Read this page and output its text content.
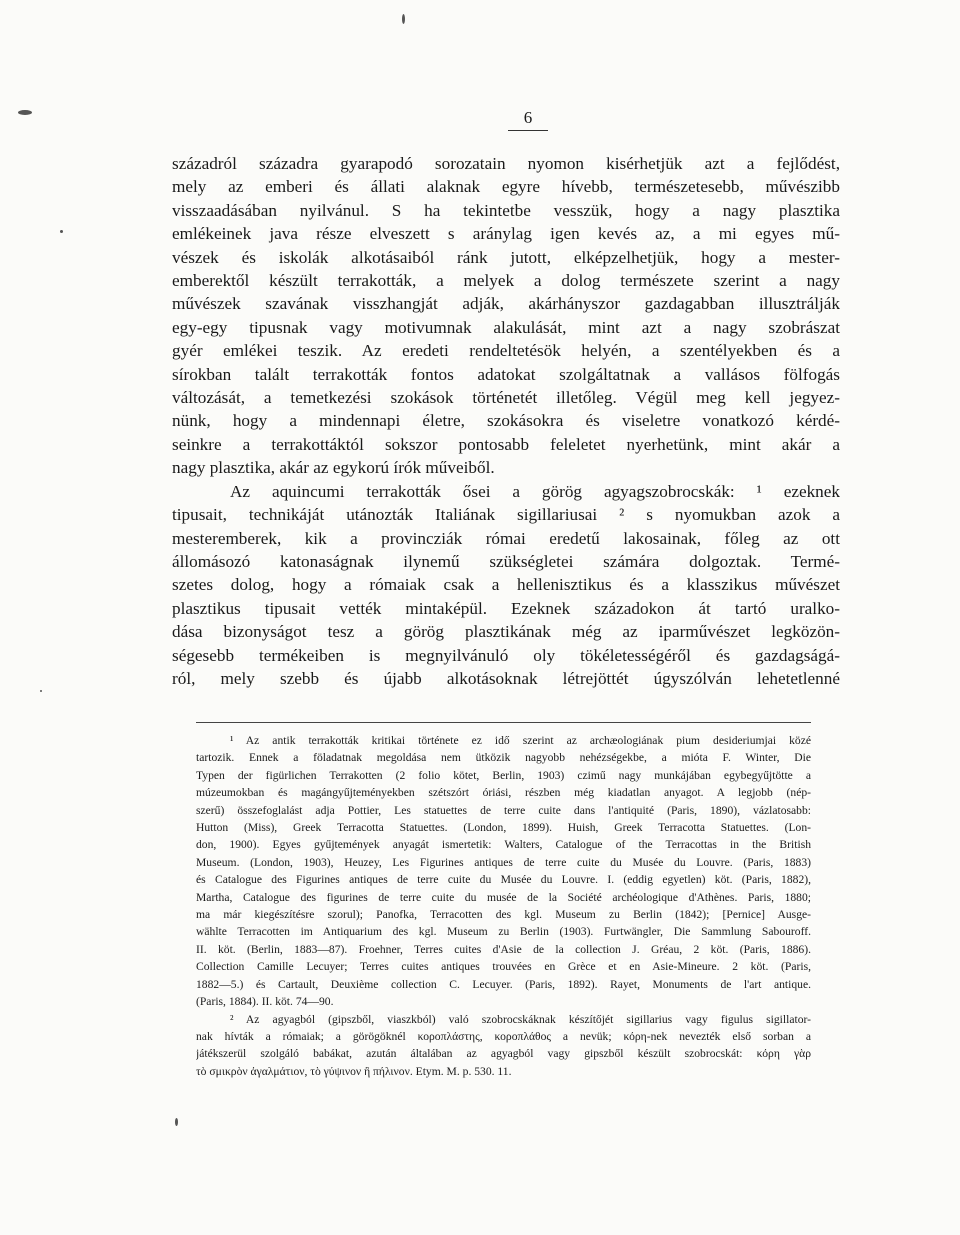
6
századról századra gyarapodó sorozatain nyomon kisérhetjük azt a fejlődést,
mely az emberi és állati alaknak egyre hívebb, természetesebb, művészibb
visszaadásában nyilvánul. S ha tekintetbe vesszük, hogy a nagy plasztika
emlékeinek java része elveszett s aránylag igen kevés az, a mi egyes mű-
vészek és iskolák alkotásaiból ránk jutott, elképzelhetjük, hogy a mester-
emberektől készült terrakották, a melyek a dolog természete szerint a nagy
művészek szavának visszhangját adják, akárhányszor gazdagabban illusztrálják
egy-egy tipusnak vagy motivumnak alakulását, mint azt a nagy szobrászat
gyér emlékei teszik. Az eredeti rendeltetésök helyén, a szentélyekben és a
sírokban talált terrakották fontos adatokat szolgáltatnak a vallásos fölfogás
változását, a temetkezési szokások történetét illetőleg. Végül meg kell jegyez-
nünk, hogy a mindennapi életre, szokásokra és viseletre vonatkozó kérdé-
seinkre a terrakottáktól sokszor pontosabb feleletet nyerhetünk, mint akár a
nagy plasztika, akár az egykorú írók műveiből.
Az aquincumi terrakották ősei a görög agyagszobrocskák: ¹ ezeknek
tipusait, technikáját utánozták Italiának sigillariusai ² s nyomukban azok a
mesteremberek, kik a provincziák római eredetű lakosainak, főleg az ott
állomásozó katonaságnak ilynemű szükségletei számára dolgoztak. Termé-
szetes dolog, hogy a rómaiak csak a hellenisztikus és a klasszikus művészet
plasztikus tipusait vették mintaképül. Ezeknek századokon át tartó uralko-
dása bizonyságot tesz a görög plasztikának még az iparművészet legközön-
ségesebb termékeiben is megnyilvánuló oly tökéletességéről és gazdagságá-
ról, mely szebb és újabb alkotásoknak létrejöttét úgyszólván lehetetlenné
¹ Az antik terrakották kritikai története ez idő szerint az archæologiának pium desideriumjai közé
tartozik. Ennek a föladatnak megoldása nem ütközik nagyobb nehézségekbe, a mióta F. Winter, Die
Typen der figürlichen Terrakotten (2 folio kötet, Berlin, 1903) czimű nagy munkájában egybegyűjtötte a
múzeumokban és magángyűjteményekben szétszórt óriási, részben még kiadatlan anyagot. A legjobb (nép-
szerű) összefoglalást adja Pottier, Les statuettes de terre cuite dans l'antiquité (Paris, 1890), vázlatosabb:
Hutton (Miss), Greek Terracotta Statuettes. (London, 1899). Huish, Greek Terracotta Statuettes. (Lon-
don, 1900). Egyes gyűjtemények anyagát ismertetik: Walters, Catalogue of the Terracottas in the British
Museum. (London, 1903), Heuzey, Les Figurines antiques de terre cuite du Musée du Louvre. (Paris, 1883)
és Catalogue des Figurines antiques de terre cuite du Musée du Louvre. I. (eddig egyetlen) köt. (Paris, 1882),
Martha, Catalogue des figurines de terre cuite du musée de la Société archéologique d'Athènes. Paris, 1880;
ma már kiegészítésre szorul); Panofka, Terracotten des kgl. Museum zu Berlin (1842); [Pernice] Ausge-
wählte Terracotten im Antiquarium des kgl. Museum zu Berlin (1903). Furtwängler, Die Sammlung Sabouroff.
II. köt. (Berlin, 1883—87). Froehner, Terres cuites d'Asie de la collection J. Gréau, 2 köt. (Paris, 1886).
Collection Camille Lecuyer; Terres cuites antiques trouvées en Grèce et en Asie-Mineure. 2 köt. (Paris,
1882—5.) és Cartault, Deuxième collection C. Lecuyer. (Paris, 1892). Rayet, Monuments de l'art antique.
(Paris, 1884). II. köt. 74—90.
² Az agyagból (gipszből, viaszkból) való szobrocskáknak készítőjét sigillarius vagy figulus sigillator-
nak hívták a rómaiak; a görögöknél κοροπλάστης, κοροπλάθος a nevük; κόρη-nek nevezték első sorban a
játékszerül szolgáló babákat, azután általában az agyagból vagy gipszből készült szobrocskát: κόρη γὰρ
τὸ σμικρὸν ἀγαλμάτιον, τὸ γύψινον ἢ πήλινον. Etym. M. p. 530. 11.
